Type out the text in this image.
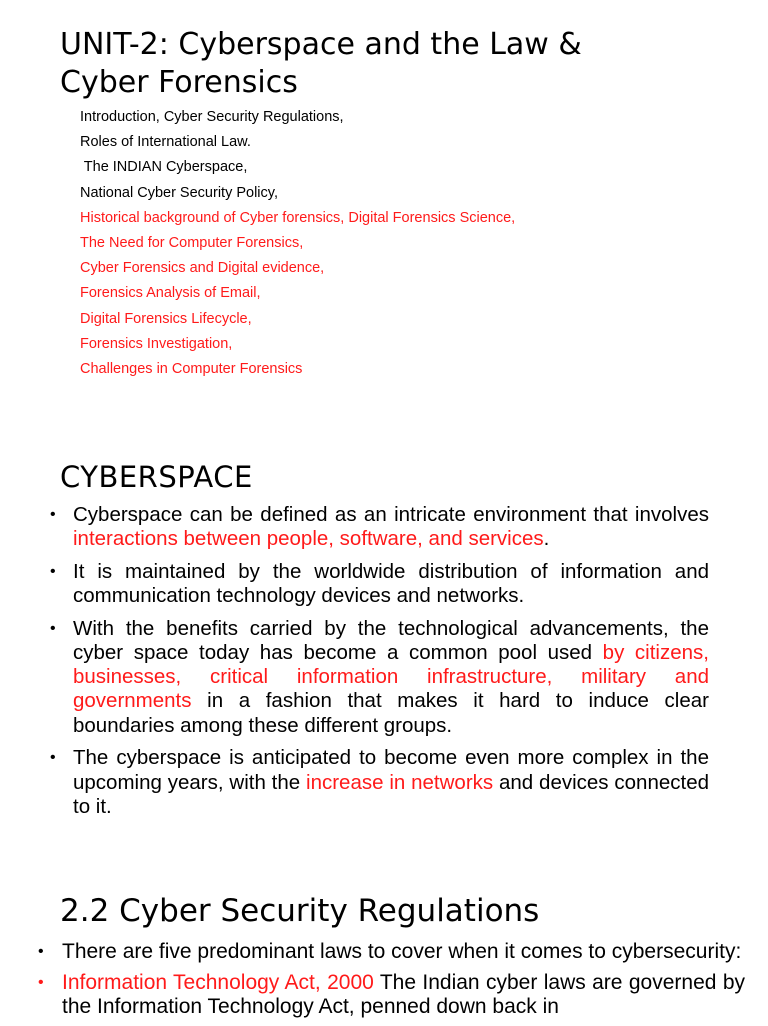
UNIT-2: Cyberspace and the Law &
Cyber Forensics
Introduction, Cyber Security Regulations,
Roles of International Law.
The INDIAN Cyberspace,
National Cyber Security Policy,
Historical background of Cyber forensics, Digital Forensics Science,
The Need for Computer Forensics,
Cyber Forensics and Digital evidence,
Forensics Analysis of Email,
Digital Forensics Lifecycle,
Forensics Investigation,
Challenges in Computer Forensics
CYBERSPACE
• Cyberspace can be defined as an intricate environment that involves interactions between people, software, and services.
• It is maintained by the worldwide distribution of information and communication technology devices and networks.
• With the benefits carried by the technological advancements, the cyber space today has become a common pool used by citizens, businesses, critical information infrastructure, military and governments in a fashion that makes it hard to induce clear boundaries among these different groups.
• The cyberspace is anticipated to become even more complex in the upcoming years, with the increase in networks and devices connected to it.
2.2 Cyber Security Regulations
• There are five predominant laws to cover when it comes to cybersecurity:
• Information Technology Act, 2000 The Indian cyber laws are governed by the Information Technology Act, penned down back in
